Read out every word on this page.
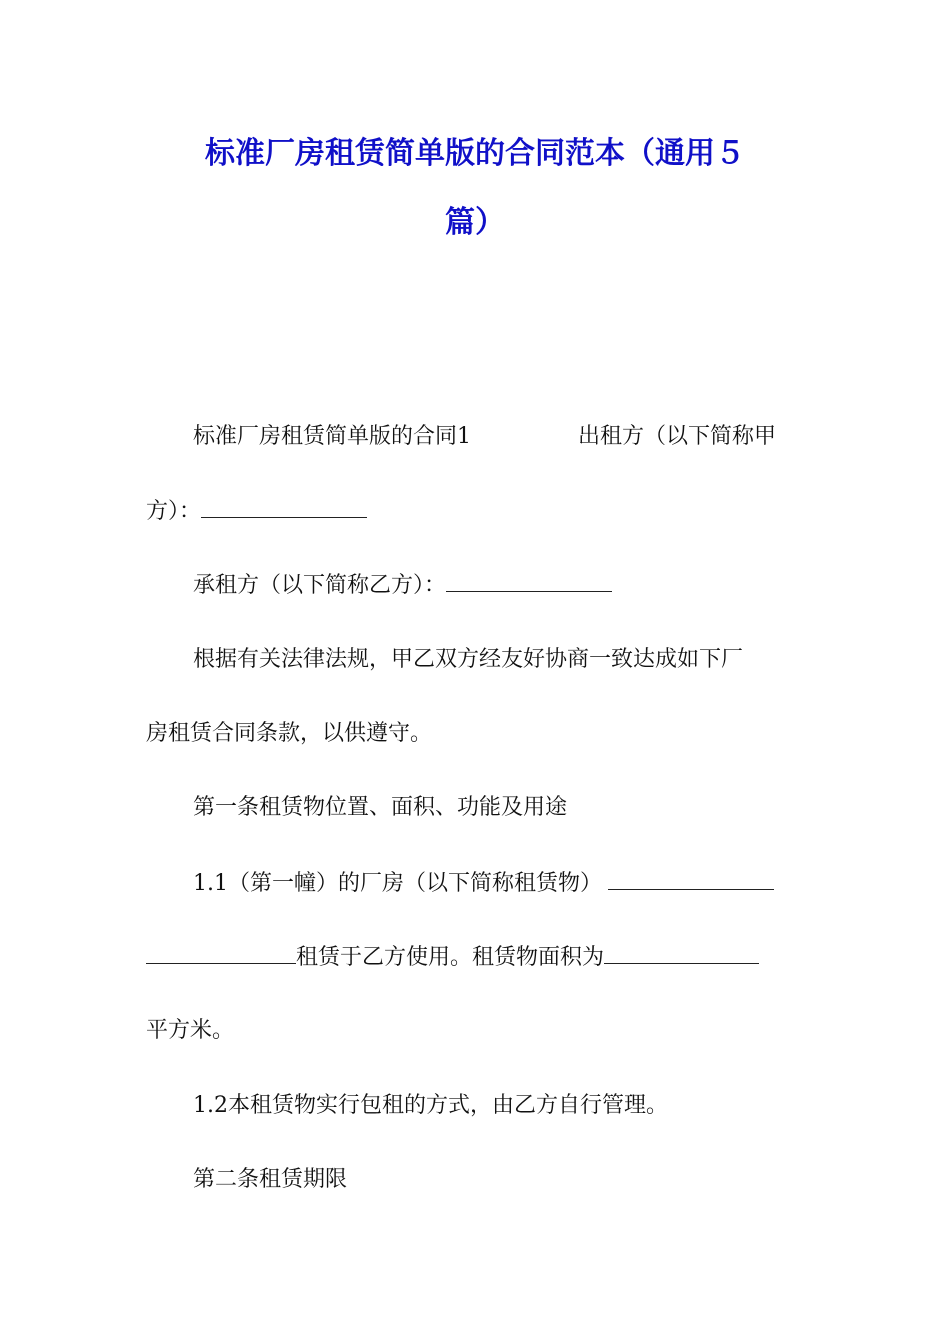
标准厂房租赁简单版的合同范本（通用５
篇）
标准厂房租赁简单版的合同1	出租方（以下简称甲
方）：
承租方（以下简称乙方）：
根据有关法律法规，甲乙双方经友好协商一致达成如下厂
房租赁合同条款，以供遵守。
第一条租赁物位置、面积、功能及用途
1.1（第一幢）的厂房（以下简称租赁物）
租赁于乙方使用。租赁物面积为
平方米。
1.2本租赁物实行包租的方式，由乙方自行管理。
第二条租赁期限
